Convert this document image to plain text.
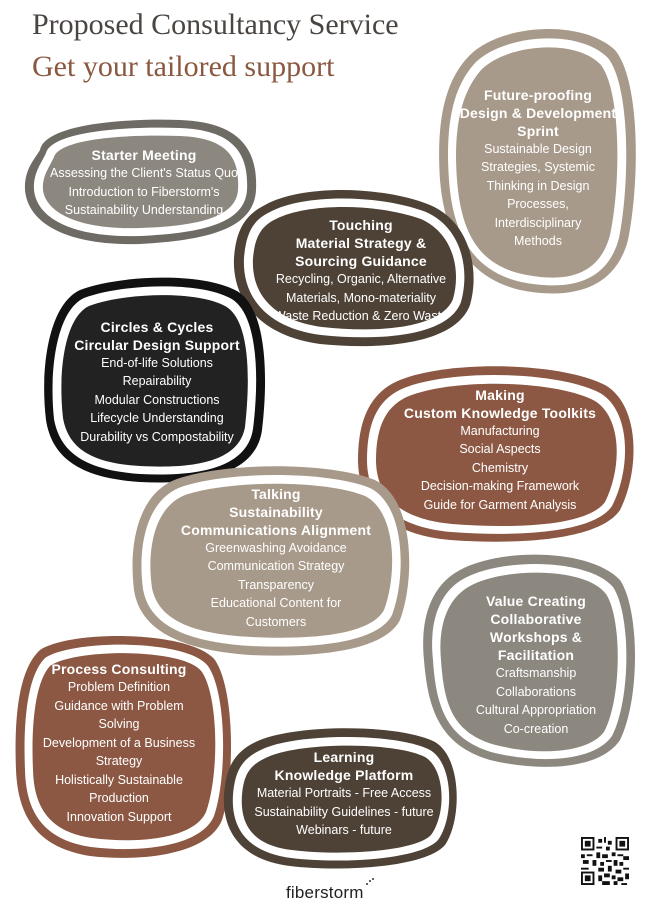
Proposed Consultancy Service
Get your tailored support
Starter Meeting
Assessing the Client's Status Quo
Introduction to Fiberstorm's
Sustainability Understanding
Future-proofing
Design & Development
Sprint
Sustainable Design
Strategies, Systemic
Thinking in Design
Processes,
Interdisciplinary
Methods
Touching
Material Strategy &
Sourcing Guidance
Recycling, Organic, Alternative
Materials, Mono-materiality
Waste Reduction & Zero Waste
Circles & Cycles
Circular Design Support
End-of-life Solutions
Repairability
Modular Constructions
Lifecycle Understanding
Durability vs Compostability
Making
Custom Knowledge Toolkits
Manufacturing
Social Aspects
Chemistry
Decision-making Framework
Guide for Garment Analysis
Talking
Sustainability
Communications Alignment
Greenwashing Avoidance
Communication Strategy
Transparency
Educational Content for
Customers
Value Creating
Collaborative
Workshops &
Facilitation
Craftsmanship
Collaborations
Cultural Appropriation
Co-creation
Process Consulting
Problem Definition
Guidance with Problem
Solving
Development of a Business
Strategy
Holistically Sustainable
Production
Innovation Support
Learning
Knowledge Platform
Material Portraits - Free Access
Sustainability Guidelines - future
Webinars - future
fiberstorm
